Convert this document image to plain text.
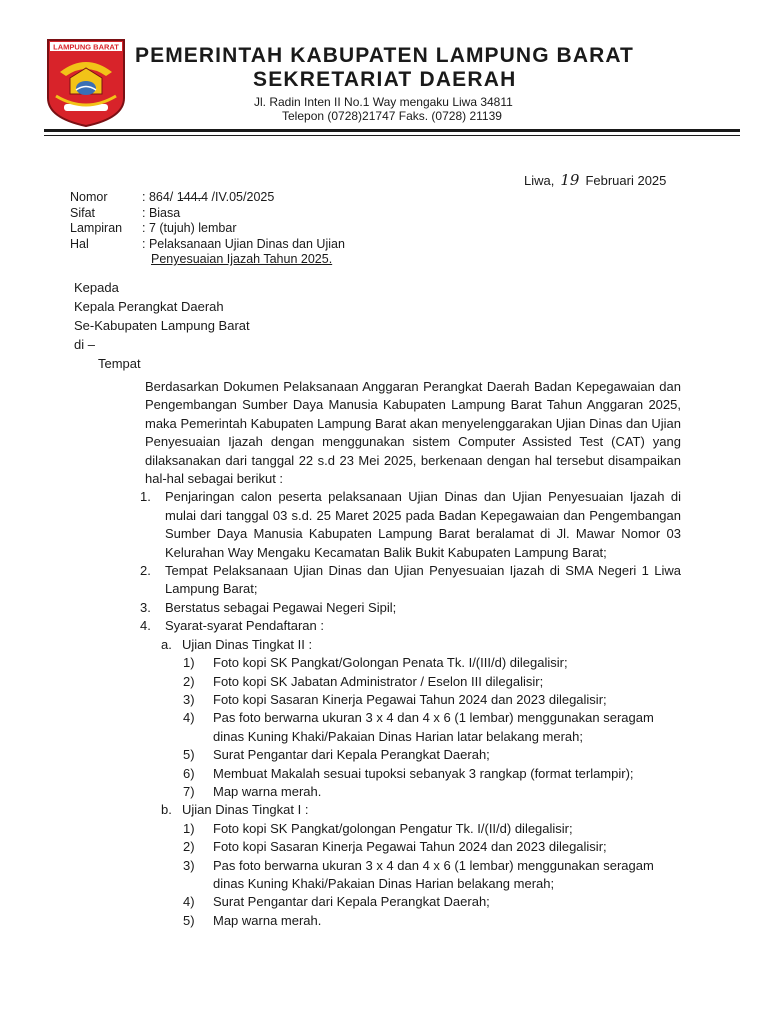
LAMPUNG BARAT PEMERINTAH KABUPATEN LAMPUNG BARAT
SEKRETARIAT DAERAH
Jl. Radin Inten II No.1 Way mengaku Liwa 34811
Telepon (0728)21747 Faks. (0728) 21139
Liwa, 19 Februari 2025
Nomor	: 864/ 1̶4̶4̶.̶4 /IV.05/2025
Sifat	: Biasa
Lampiran : 7 (tujuh) lembar
Hal	: Pelaksanaan Ujian Dinas dan Ujian
Penyesuaian Ijazah Tahun 2025.
Kepada
Kepala Perangkat Daerah
Se-Kabupaten Lampung Barat
di –
Tempat

Berdasarkan Dokumen Pelaksanaan Anggaran Perangkat Daerah Badan Kepegawaian dan Pengembangan Sumber Daya Manusia Kabupaten Lampung Barat Tahun Anggaran 2025, maka Pemerintah Kabupaten Lampung Barat akan menyelenggarakan Ujian Dinas dan Ujian Penyesuaian Ijazah dengan menggunakan sistem Computer Assisted Test (CAT) yang dilaksanakan dari tanggal 22 s.d 23 Mei 2025, berkenaan dengan hal tersebut disampaikan hal-hal sebagai berikut :

1. Penjaringan calon peserta pelaksanaan Ujian Dinas dan Ujian Penyesuaian Ijazah di mulai dari tanggal 03 s.d. 25 Maret 2025 pada Badan Kepegawaian dan Pengembangan Sumber Daya Manusia Kabupaten Lampung Barat beralamat di Jl. Mawar Nomor 03 Kelurahan Way Mengaku Kecamatan Balik Bukit Kabupaten Lampung Barat;
2. Tempat Pelaksanaan Ujian Dinas dan Ujian Penyesuaian Ijazah di SMA Negeri 1 Liwa Lampung Barat;
3. Berstatus sebagai Pegawai Negeri Sipil;
4. Syarat-syarat Pendaftaran :
a. Ujian Dinas Tingkat II :
1) Foto kopi SK Pangkat/Golongan Penata Tk. I/(III/d) dilegalisir;
2) Foto kopi SK Jabatan Administrator / Eselon III dilegalisir;
3) Foto kopi Sasaran Kinerja Pegawai Tahun 2024 dan 2023 dilegalisir;
4) Pas foto berwarna ukuran 3 x 4 dan 4 x 6 (1 lembar) menggunakan seragam dinas Kuning Khaki/Pakaian Dinas Harian latar belakang merah;
5) Surat Pengantar dari Kepala Perangkat Daerah;
6) Membuat Makalah sesuai tupoksi sebanyak 3 rangkap (format terlampir);
7) Map warna merah.
b. Ujian Dinas Tingkat I :
1) Foto kopi SK Pangkat/golongan Pengatur Tk. I/(II/d) dilegalisir;
2) Foto kopi Sasaran Kinerja Pegawai Tahun 2024 dan 2023 dilegalisir;
3) Pas foto berwarna ukuran 3 x 4 dan 4 x 6 (1 lembar) menggunakan seragam dinas Kuning Khaki/Pakaian Dinas Harian belakang merah;
4) Surat Pengantar dari Kepala Perangkat Daerah;
5) Map warna merah.
